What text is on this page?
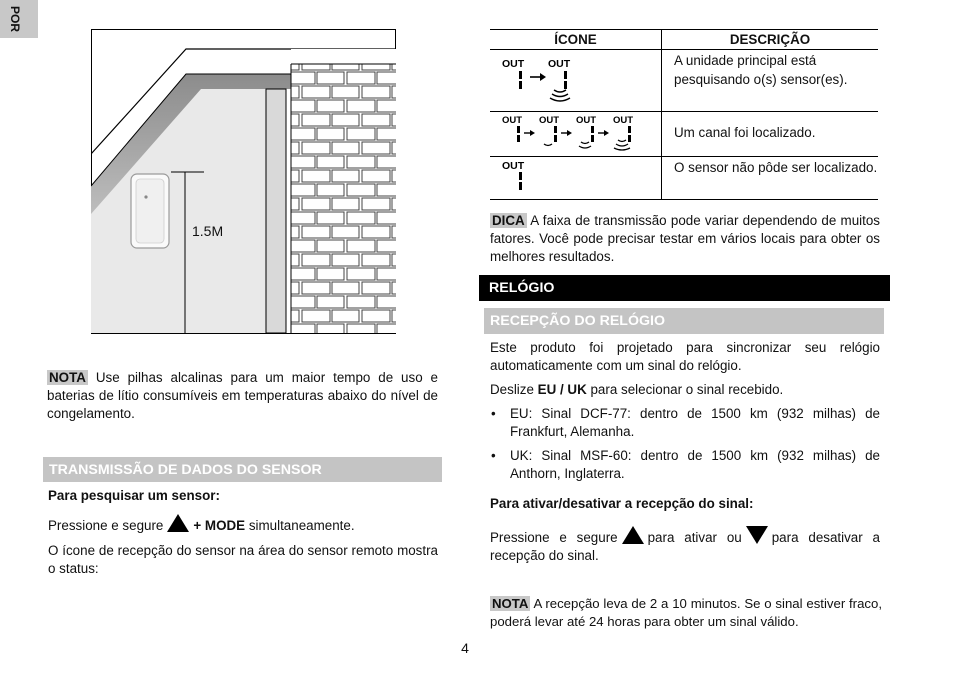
POR
1.5M
NOTA Use pilhas alcalinas para um maior tempo de uso e baterias de lítio consumíveis em temperaturas abaixo do nível de congelamento.
TRANSMISSÃO DE DADOS DO SENSOR
Para pesquisar um sensor:
Pressione e segure + MODE simultaneamente.
O ícone de recepção do sensor na área do sensor remoto mostra o status:
ÍCONE	DESCRIÇÃO

OUT OUT	A unidade principal está pesquisando o(s) sensor(es).

OUT OUT OUT OUT	Um canal foi localizado.

OUT	O sensor não pôde ser localizado.
DICA A faixa de transmissão pode variar dependendo de muitos fatores. Você pode precisar testar em vários locais para obter os melhores resultados.
RELÓGIO
RECEPÇÃO DO RELÓGIO
Este produto foi projetado para sincronizar seu relógio automaticamente com um sinal do relógio.
Deslize EU / UK para selecionar o sinal recebido.
• EU: Sinal DCF-77: dentro de 1500 km (932 milhas) de Frankfurt, Alemanha.
• UK: Sinal MSF-60: dentro de 1500 km (932 milhas) de Anthorn, Inglaterra.
Para ativar/desativar a recepção do sinal:
Pressione e segure para ativar ou para desativar a recepção do sinal.
NOTA A recepção leva de 2 a 10 minutos. Se o sinal estiver fraco, poderá levar até 24 horas para obter um sinal válido.
4
